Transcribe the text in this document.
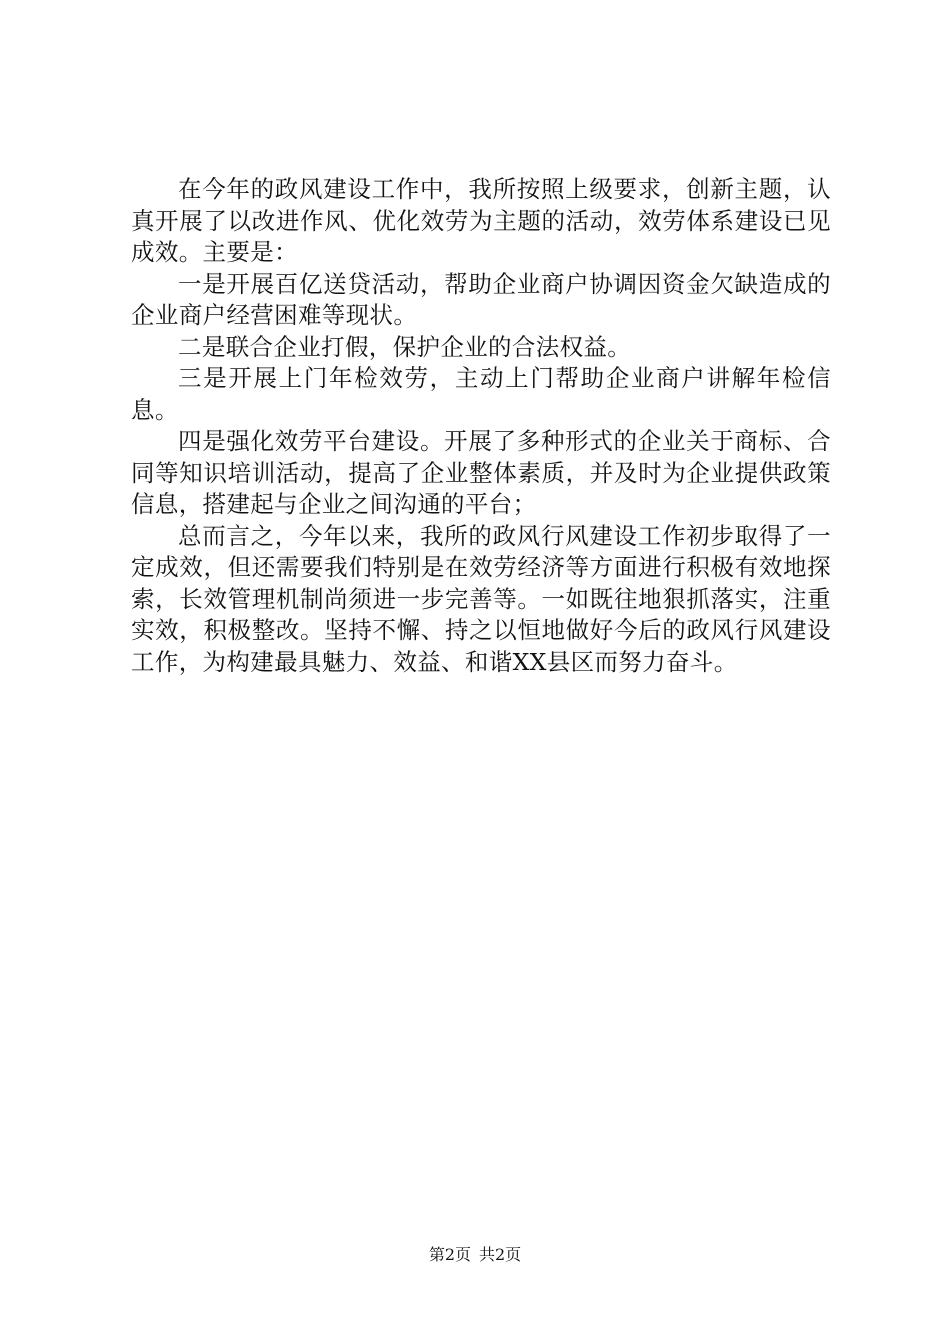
在今年的政风建设工作中，我所按照上级要求，创新主题，认真开展了以改进作风、优化效劳为主题的活动，效劳体系建设已见成效。主要是：

一是开展百亿送贷活动，帮助企业商户协调因资金欠缺造成的企业商户经营困难等现状。

二是联合企业打假，保护企业的合法权益。

三是开展上门年检效劳，主动上门帮助企业商户讲解年检信息。

四是强化效劳平台建设。开展了多种形式的企业关于商标、合同等知识培训活动，提高了企业整体素质，并及时为企业提供政策信息，搭建起与企业之间沟通的平台；

总而言之，今年以来，我所的政风行风建设工作初步取得了一定成效，但还需要我们特别是在效劳经济等方面进行积极有效地探索，长效管理机制尚须进一步完善等。一如既往地狠抓落实，注重实效，积极整改。坚持不懈、持之以恒地做好今后的政风行风建设工作，为构建最具魅力、效益、和谐XX县区而努力奋斗。

第2页 共2页
